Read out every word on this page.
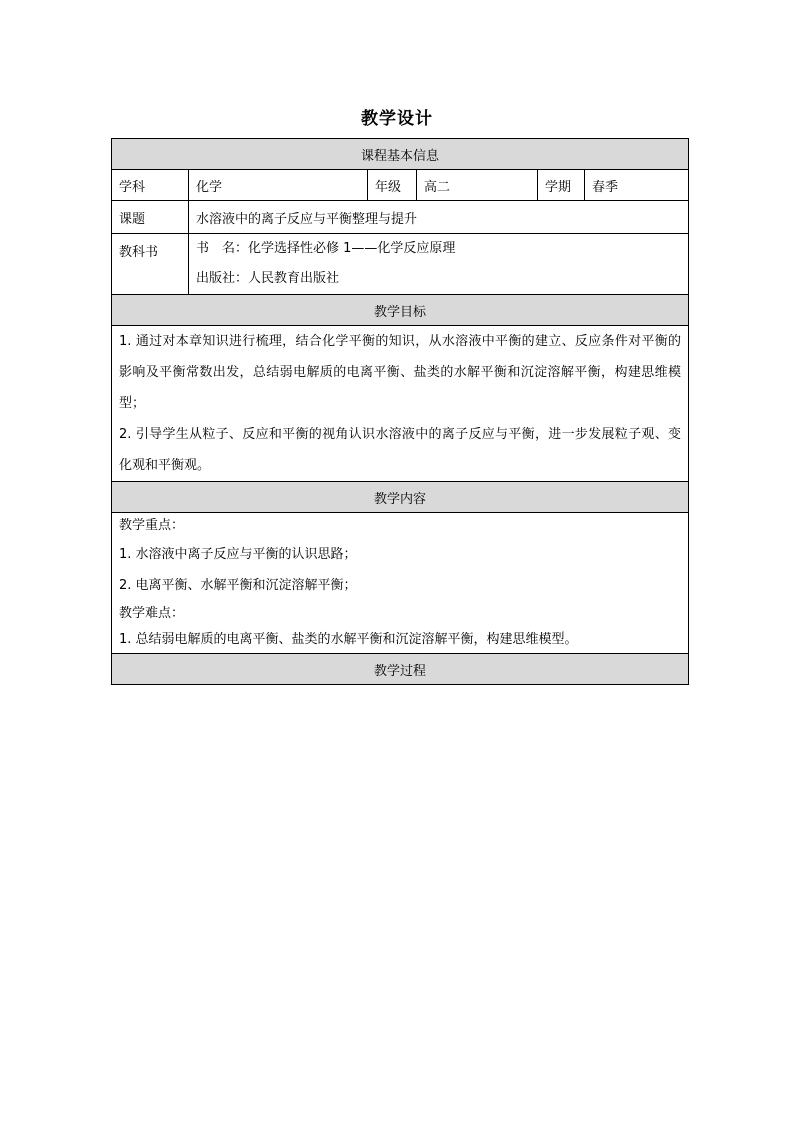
教学设计
课程基本信息					
学科	化学	年级	高二	学期	春季
课题	水溶液中的离子反应与平衡整理与提升				

教科书	书　名：化学选择性必修 1——化学反应原理
出版社：人民教育出版社				

教学目标					

1. 通过对本章知识进行梳理，结合化学平衡的知识，从水溶液中平衡的建立、反应条件对平衡的影响及平衡常数出发，总结弱电解质的电离平衡、盐类的水解平衡和沉淀溶解平衡，构建思维模型；
2. 引导学生从粒子、反应和平衡的视角认识水溶液中的离子反应与平衡，进一步发展粒子观、变化观和平衡观。					

教学内容					

教学重点：
1. 水溶液中离子反应与平衡的认识思路；
2. 电离平衡、水解平衡和沉淀溶解平衡；
教学难点：
1. 总结弱电解质的电离平衡、盐类的水解平衡和沉淀溶解平衡，构建思维模型。					

教学过程					
